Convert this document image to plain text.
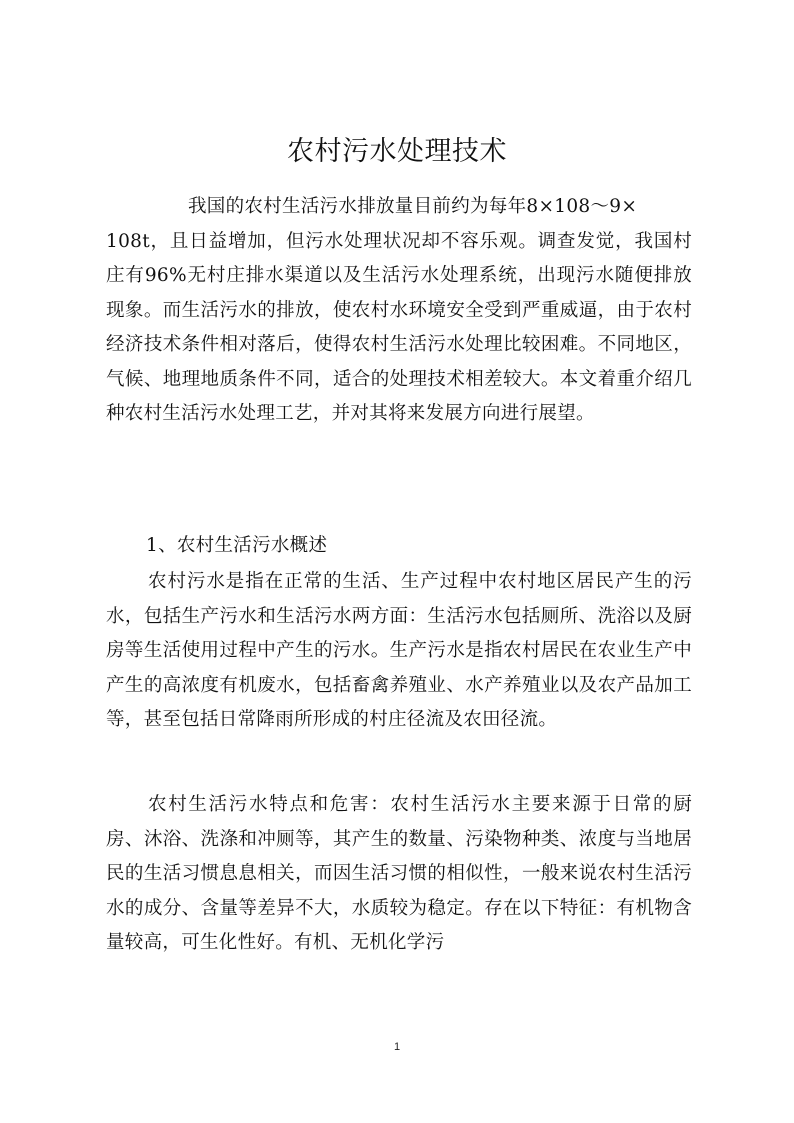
农村污水处理技术
我国的农村生活污水排放量目前约为每年8×108～9×
108t，且日益增加，但污水处理状况却不容乐观。调查发觉，我国村庄有96%无村庄排水渠道以及生活污水处理系统，出现污水随便排放现象。而生活污水的排放，使农村水环境安全受到严重威逼，由于农村经济技术条件相对落后，使得农村生活污水处理比较困难。不同地区，气候、地理地质条件不同，适合的处理技术相差较大。本文着重介绍几种农村生活污水处理工艺，并对其将来发展方向进行展望。
1、农村生活污水概述

农村污水是指在正常的生活、生产过程中农村地区居民产生的污水，包括生产污水和生活污水两方面：生活污水包括厕所、洗浴以及厨房等生活使用过程中产生的污水。生产污水是指农村居民在农业生产中产生的高浓度有机废水，包括畜禽养殖业、水产养殖业以及农产品加工等，甚至包括日常降雨所形成的村庄径流及农田径流。

农村生活污水特点和危害：农村生活污水主要来源于日常的厨房、沐浴、洗涤和冲厕等，其产生的数量、污染物种类、浓度与当地居民的生活习惯息息相关，而因生活习惯的相似性，一般来说农村生活污水的成分、含量等差异不大，水质较为稳定。存在以下特征：有机物含量较高，可生化性好。有机、无机化学污

1
